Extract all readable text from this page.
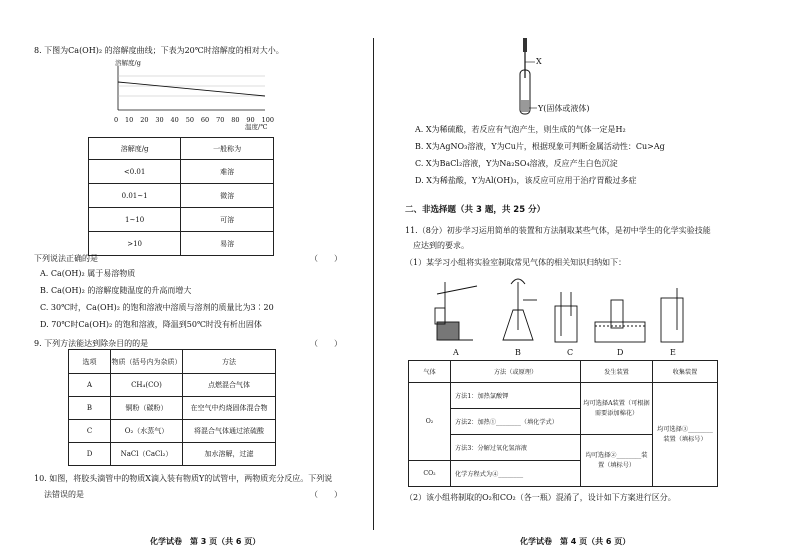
8. 下图为Ca(OH)₂ 的溶解度曲线；下表为20℃时溶解度的相对大小。
溶解度/g
温度/℃
0 10 20 30 40 50 60 70 80 90 100
溶解度/g	一般称为
<0.01	难溶
0.01~1	微溶
1~10	可溶
>10	易溶
下列说法正确的是	（　　）
A. Ca(OH)₂ 属于易溶物质
B. Ca(OH)₂ 的溶解度随温度的升高而增大
C. 30℃时，Ca(OH)₂ 的饱和溶液中溶质与溶剂的质量比为3∶20
D. 70℃时Ca(OH)₂ 的饱和溶液，降温到50℃时没有析出固体
9. 下列方法能达到除杂目的的是	（　　）
选项	物质（括号内为杂质）	方法
A	CH₄(CO)	点燃混合气体
B	铜粉（碳粉）	在空气中灼烧固体混合物
C	O₂（水蒸气）	将混合气体通过浓硫酸
D	NaCl（CaCl₂）	加水溶解，过滤
10. 如图，将胶头滴管中的物质X滴入装有物质Y的试管中，两物质充分反应。下列说
法错误的是	（　　）
化学试卷　第 3 页（共 6 页）
X
Y(固体或液体)
A. X为稀硫酸，若反应有气泡产生，则生成的气体一定是H₂
B. X为AgNO₃溶液，Y为Cu片，根据现象可判断金属活动性：Cu>Ag
C. X为BaCl₂溶液，Y为Na₂SO₄溶液，反应产生白色沉淀
D. X为稀盐酸，Y为Al(OH)₃，该反应可应用于治疗胃酸过多症
二、非选择题（共 3 题，共 25 分）
11.（8分）初步学习运用简单的装置和方法制取某些气体，是初中学生的化学实验技能
应达到的要求。
（1）某学习小组将实验室制取常见气体的相关知识归纳如下：
A	B	C	D	E
气体	方法（或原理）	发生装置	收集装置
O₂	方法1：加热氯酸钾	均可选择A装置（可根据需要添加棉花）	均可选择③________装置（填标号）
	方法2：加热①________（填化学式）		
	方法3：分解过氧化氢溶液	均可选择②________装置（填标号）	
CO₂	化学方程式为④________		
（2）该小组将制取的O₂和CO₂（各一瓶）混淆了，设计如下方案进行区分。
化学试卷　第 4 页（共 6 页）
